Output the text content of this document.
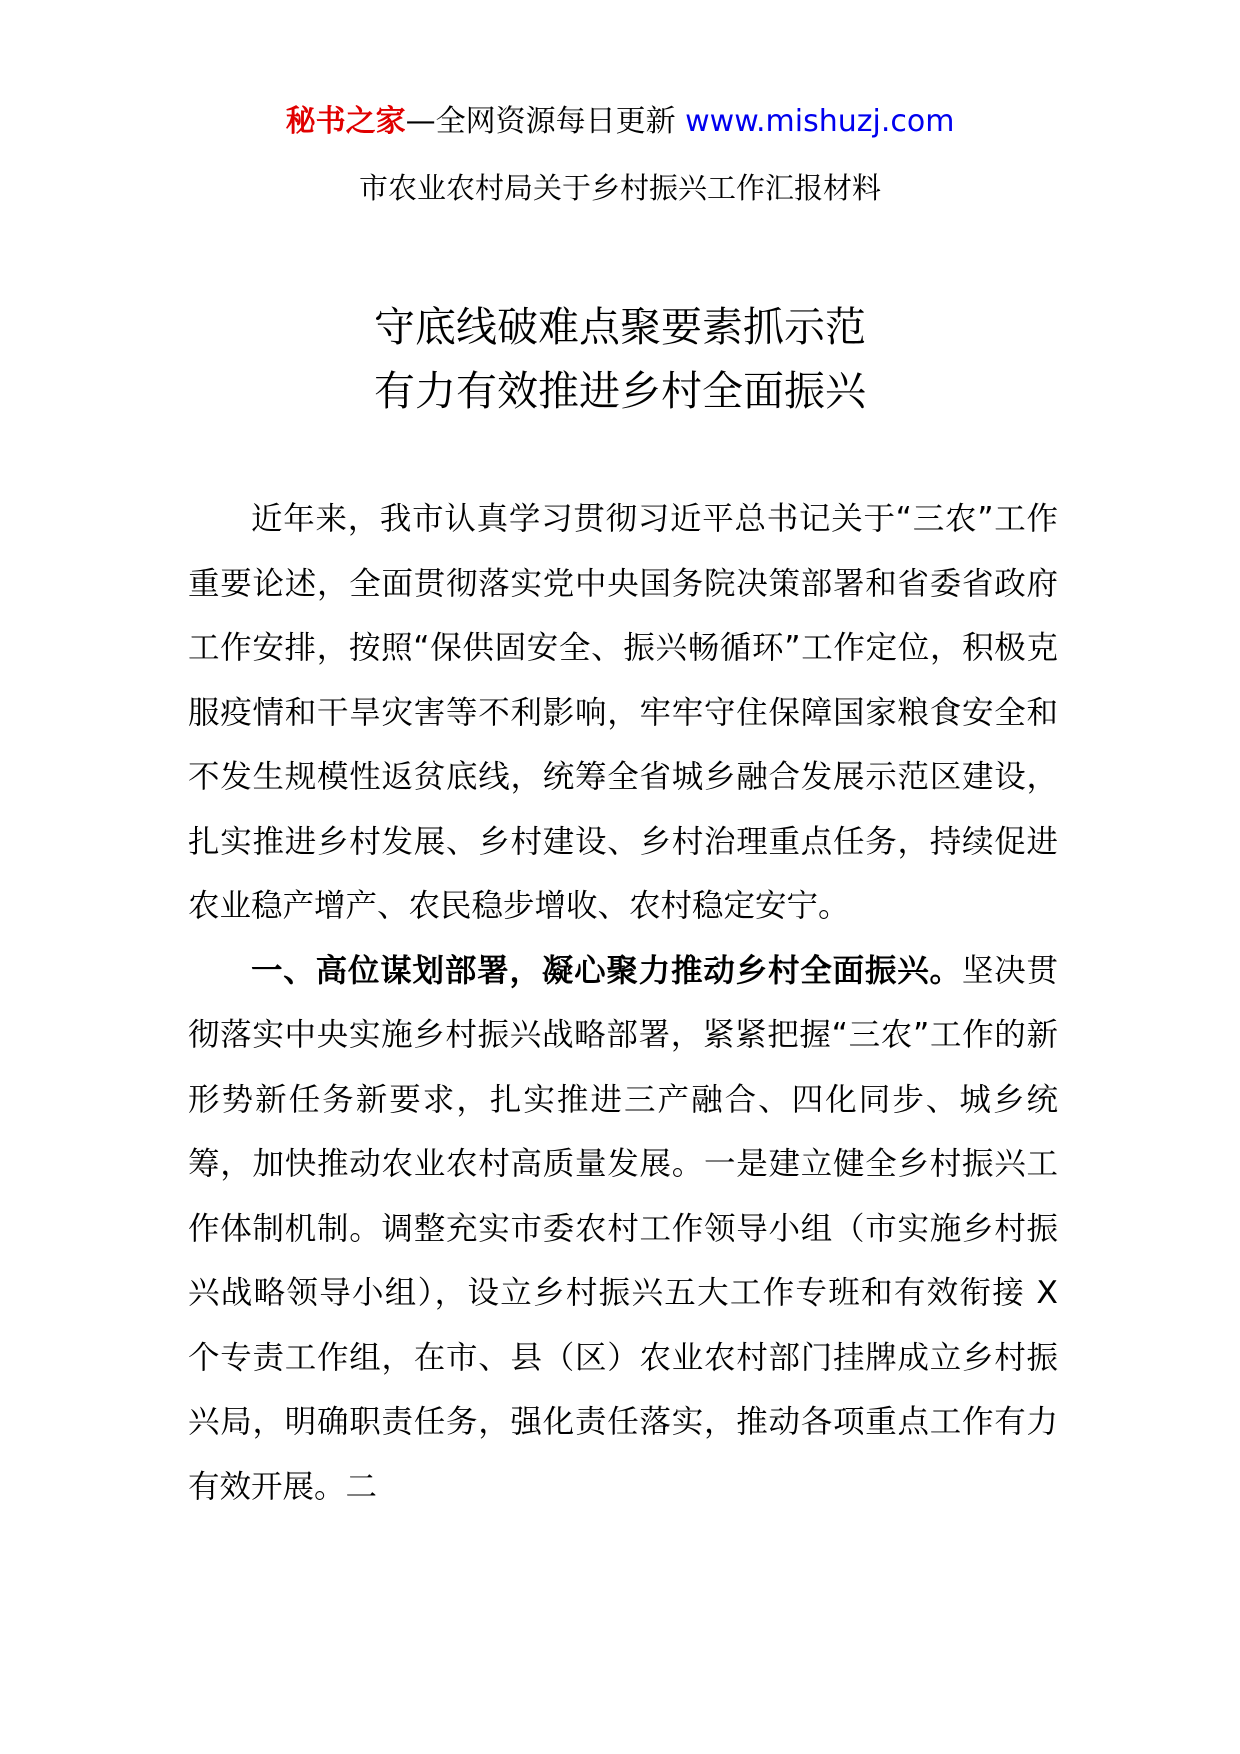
秘书之家—全网资源每日更新 www.mishuzj.com
市农业农村局关于乡村振兴工作汇报材料
守底线破难点聚要素抓示范
有力有效推进乡村全面振兴

近年来，我市认真学习贯彻习近平总书记关于“三农”工作重要论述，全面贯彻落实党中央国务院决策部署和省委省政府工作安排，按照“保供固安全、振兴畅循环”工作定位，积极克服疫情和干旱灾害等不利影响，牢牢守住保障国家粮食安全和不发生规模性返贫底线，统筹全省城乡融合发展示范区建设，扎实推进乡村发展、乡村建设、乡村治理重点任务，持续促进农业稳产增产、农民稳步增收、农村稳定安宁。

一、高位谋划部署，凝心聚力推动乡村全面振兴。坚决贯彻落实中央实施乡村振兴战略部署，紧紧把握“三农”工作的新形势新任务新要求，扎实推进三产融合、四化同步、城乡统筹，加快推动农业农村高质量发展。一是建立健全乡村振兴工作体制机制。调整充实市委农村工作领导小组（市实施乡村振兴战略领导小组），设立乡村振兴五大工作专班和有效衔接 X 个专责工作组，在市、县（区）农业农村部门挂牌成立乡村振兴局，明确职责任务，强化责任落实，推动各项重点工作有力有效开展。二
